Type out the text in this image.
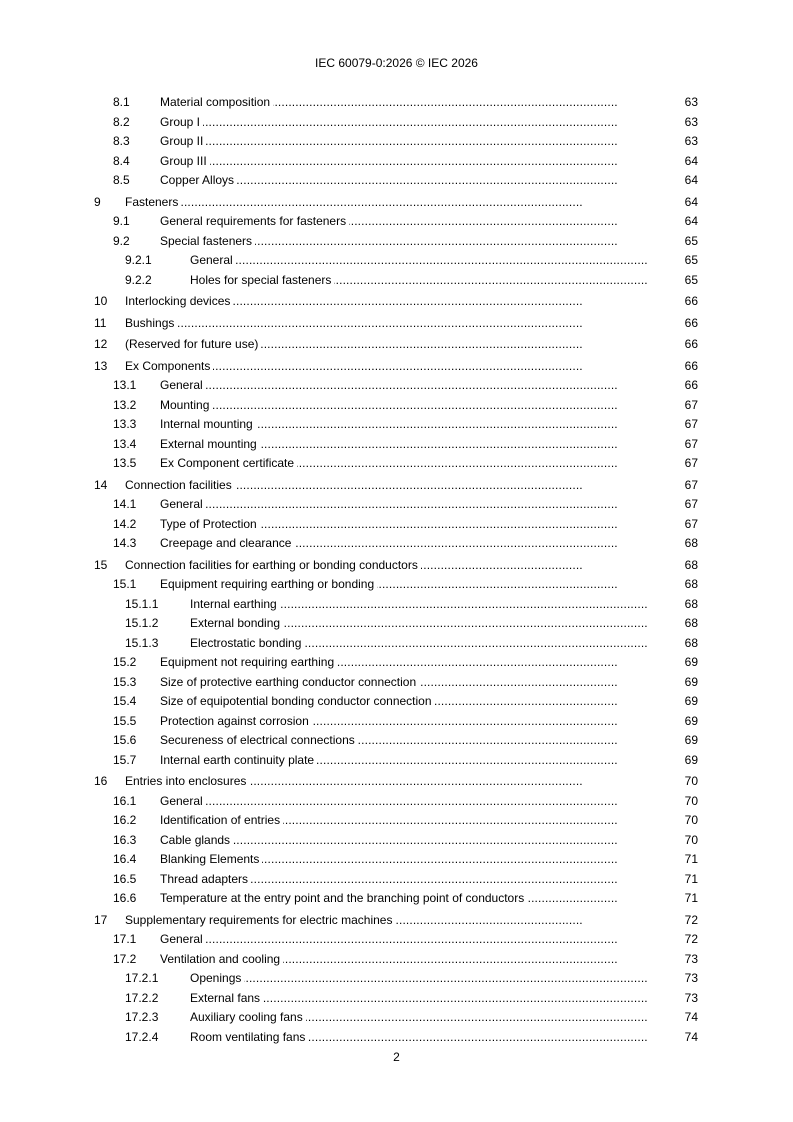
IEC 60079-0:2026 © IEC 2026
8.1	Material composition	63
. . .
8.2	Group I	63
. . .
8.3	Group II	63
. . .
8.4	Group III	64
. . .
8.5	Copper Alloys	64
. . .
9 Fasteners	64
. . .
9.1	General requirements for fasteners	64
. . .
9.2	Special fasteners	65
. . .
9.2.1	General	65
. . .
9.2.2	Holes for special fasteners	65
. . .
10 Interlocking devices	66
. . .
11 Bushings	66
. . .
12 (Reserved for future use)	66
. . .
13 Ex Components	66
. . .
13.1 General	66
. . .
13.2 Mounting	67
. . .
13.3 Internal mounting	67
. . .
13.4 External mounting	67
. . .
13.5 Ex Component certificate	67
. . .
14 Connection facilities	67
. . .
14.1 General	67
. . .
14.2 Type of Protection	67
. . .
14.3 Creepage and clearance	68
. . .
15 Connection facilities for earthing or bonding conductors	68
. . .
15.1 Equipment requiring earthing or bonding	68
. . .
15.1.1	Internal earthing	68
. . .
15.1.2	External bonding	68
. . .
15.1.3	Electrostatic bonding	68
. . .
15.2 Equipment not requiring earthing	69
. . .
15.3 Size of protective earthing conductor connection	69
. . .
15.4 Size of equipotential bonding conductor connection	69
. . .
15.5 Protection against corrosion	69
. . .
15.6 Secureness of electrical connections	69
. . .
15.7 Internal earth continuity plate	69
. . .
16 Entries into enclosures	70
. . .
16.1 General	70
. . .
16.2 Identification of entries	70
. . .
16.3 Cable glands	70
. . .
16.4 Blanking Elements	71
. . .
16.5 Thread adapters	71
. . .
16.6 Temperature at the entry point and the branching point of conductors	71
. . .
17 Supplementary requirements for electric machines	72
. . .
17.1 General	72
. . .
17.2 Ventilation and cooling	73
. . .
17.2.1	Openings	73
. . .
17.2.2	External fans	73
. . .
17.2.3	Auxiliary cooling fans	74
. . .
17.2.4	Room ventilating fans	74
. . .
2
